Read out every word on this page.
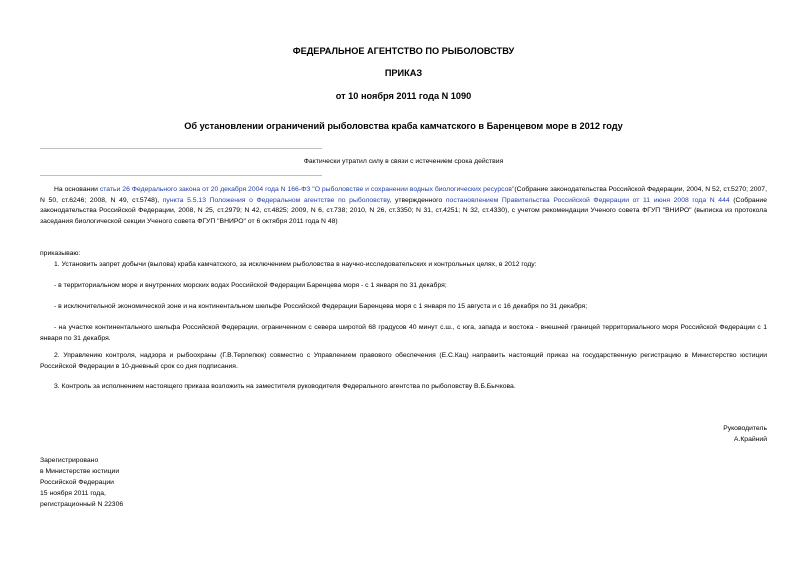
ФЕДЕРАЛЬНОЕ АГЕНТСТВО ПО РЫБОЛОВСТВУ
ПРИКАЗ
от 10 ноября 2011 года N 1090
Об установлении ограничений рыболовства краба камчатского в Баренцевом море в 2012 году
Фактически утратил силу в связи с истечением срока действия
На основании статьи 26 Федерального закона от 20 декабря 2004 года N 166-ФЗ "О рыболовстве и сохранении водных биологических ресурсов"(Собрание законодательства Российской Федерации, 2004, N 52, ст.5270; 2007, N 50, ст.6246; 2008, N 49, ст.5748), пункта 5.5.13 Положения о Федеральном агентстве по рыболовству, утвержденного постановлением Правительства Российской Федерации от 11 июня 2008 года N 444 (Собрание законодательства Российской Федерации, 2008, N 25, ст.2979; N 42, ст.4825; 2009, N 6, ст.738; 2010, N 26, ст.3350; N 31, ст.4251; N 32, ст.4330), с учетом рекомендации Ученого совета ФГУП "ВНИРО" (выписка из протокола заседания биологической секции Ученого совета ФГУП "ВНИРО" от 6 октября 2011 года N 48)
приказываю:
1. Установить запрет добычи (вылова) краба камчатского, за исключением рыболовства в научно-исследовательских и контрольных целях, в 2012 году:
- в территориальном море и внутренних морских водах Российской Федерации Баренцева моря - с 1 января по 31 декабря;
- в исключительной экономической зоне и на континентальном шельфе Российской Федерации Баренцева моря с 1 января по 15 августа и с 16 декабря по 31 декабря;
- на участке континентального шельфа Российской Федерации, ограниченном с севера широтой 68 градусов 40 минут с.ш., с юга, запада и востока - внешней границей территориального моря Российской Федерации с 1 января по 31 декабря.
2. Управлению контроля, надзора и рыбоохраны (Г.В.Терлепюк) совместно с Управлением правового обеспечения (Е.С.Кац) направить настоящий приказ на государственную регистрацию в Министерство юстиции Российской Федерации в 10-дневный срок со дня подписания.
3. Контроль за исполнением настоящего приказа возложить на заместителя руководителя Федерального агентства по рыболовству В.Б.Бычкова.
Руководитель
А.Крайний
Зарегистрировано
в Министерстве юстиции
Российской Федерации
15 ноября 2011 года,
регистрационный N 22306
